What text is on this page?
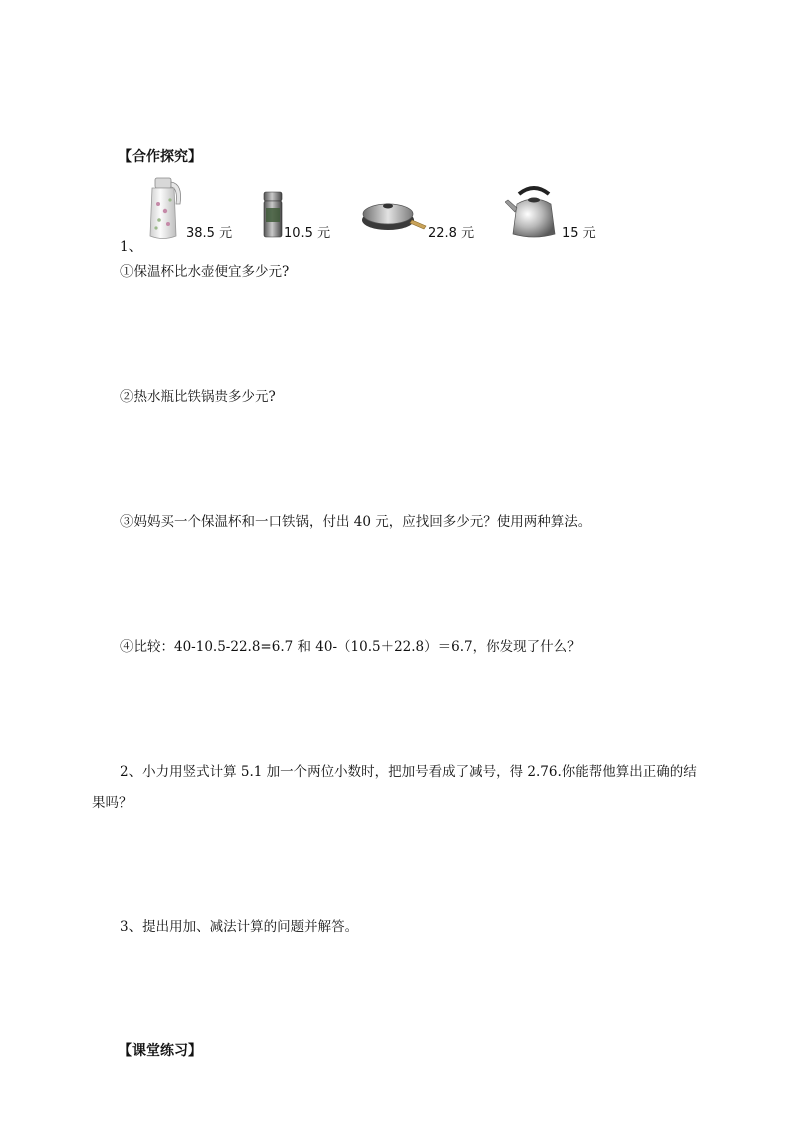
【合作探究】
38.5 元
1、
10.5 元	22.8 元	15 元
①保温杯比水壶便宜多少元?
②热水瓶比铁锅贵多少元?
③妈妈买一个保温杯和一口铁锅，付出 40 元，应找回多少元？使用两种算法。
④比较：40-10.5-22.8=6.7 和 40-（10.5＋22.8）＝6.7，你发现了什么？
2、小力用竖式计算 5.1 加一个两位小数时，把加号看成了减号，得 2.76.你能帮他算出正确的结
果吗？
3、提出用加、减法计算的问题并解答。
【课堂练习】
